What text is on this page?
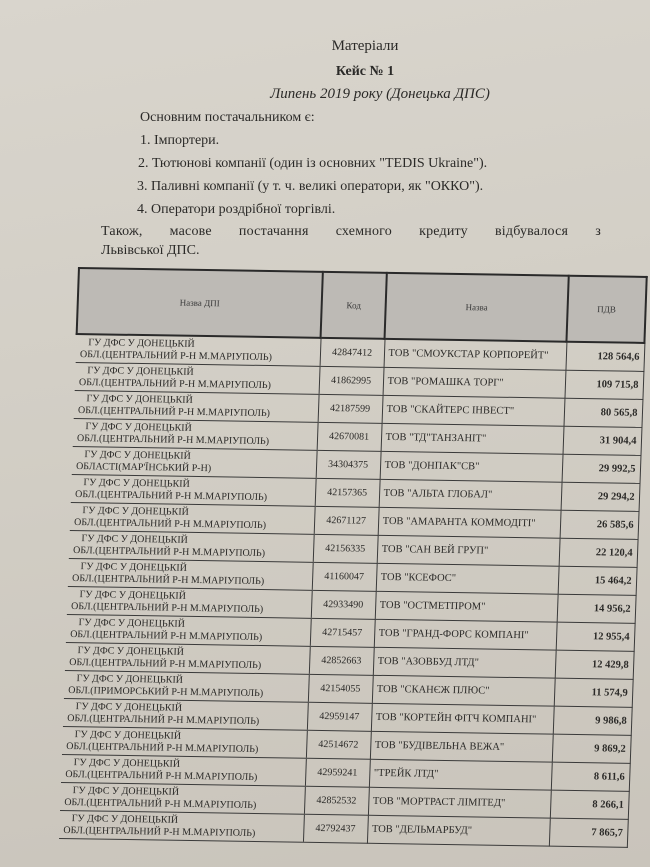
Матеріали
Кейс № 1
Липень 2019 року (Донецька ДПС)
Основним постачальником є:
1. Імпортери.
2. Тютюнові компанії (один із основних "TEDIS Ukraine").
3. Паливні компанії (у т. ч. великі оператори, як "ОККО").
4. Оператори роздрібної торгівлі.
Також, масове постачання схемного кредиту відбувалося з
Львівської ДПС.
Назва ДПІ	Код	Назва	ПДВ

ГУ ДФС У ДОНЕЦЬКІЙ
ОБЛ.(ЦЕНТРАЛЬНИЙ Р-Н М.МАРІУПОЛЬ)	42847412	ТОВ "СМОУКСТАР КОРПОРЕЙТ"	128 564,6

ГУ ДФС У ДОНЕЦЬКІЙ
ОБЛ.(ЦЕНТРАЛЬНИЙ Р-Н М.МАРІУПОЛЬ)	41862995	ТОВ "РОМАШКА ТОРГ"	109 715,8

ГУ ДФС У ДОНЕЦЬКІЙ
ОБЛ.(ЦЕНТРАЛЬНИЙ Р-Н М.МАРІУПОЛЬ)	42187599	ТОВ "СКАЙТЕРС ІНВЕСТ"	80 565,8

ГУ ДФС У ДОНЕЦЬКІЙ
ОБЛ.(ЦЕНТРАЛЬНИЙ Р-Н М.МАРІУПОЛЬ)	42670081	ТОВ "ТД"ТАНЗАНІТ"	31 904,4

ГУ ДФС У ДОНЕЦЬКІЙ
ОБЛАСТІ(МАР'ЇНСЬКИЙ Р-Н)	34304375	ТОВ "ДОНПАК"СВ"	29 992,5

ГУ ДФС У ДОНЕЦЬКІЙ
ОБЛ.(ЦЕНТРАЛЬНИЙ Р-Н М.МАРІУПОЛЬ)	42157365	ТОВ "АЛЬТА ГЛОБАЛ"	29 294,2

ГУ ДФС У ДОНЕЦЬКІЙ
ОБЛ.(ЦЕНТРАЛЬНИЙ Р-Н М.МАРІУПОЛЬ)	42671127	ТОВ "АМАРАНТА КОММОДІТІ"	26 585,6

ГУ ДФС У ДОНЕЦЬКІЙ
ОБЛ.(ЦЕНТРАЛЬНИЙ Р-Н М.МАРІУПОЛЬ)	42156335	ТОВ "САН ВЕЙ ГРУП"	22 120,4

ГУ ДФС У ДОНЕЦЬКІЙ
ОБЛ.(ЦЕНТРАЛЬНИЙ Р-Н М.МАРІУПОЛЬ)	41160047	ТОВ "КСЕФОС"	15 464,2

ГУ ДФС У ДОНЕЦЬКІЙ
ОБЛ.(ЦЕНТРАЛЬНИЙ Р-Н М.МАРІУПОЛЬ)	42933490	ТОВ "ОСТМЕТПРОМ"	14 956,2

ГУ ДФС У ДОНЕЦЬКІЙ
ОБЛ.(ЦЕНТРАЛЬНИЙ Р-Н М.МАРІУПОЛЬ)	42715457	ТОВ "ГРАНД-ФОРС КОМПАНІ"	12 955,4

ГУ ДФС У ДОНЕЦЬКІЙ
ОБЛ.(ЦЕНТРАЛЬНИЙ Р-Н М.МАРІУПОЛЬ)	42852663	ТОВ "АЗОВБУД ЛТД"	12 429,8

ГУ ДФС У ДОНЕЦЬКІЙ
ОБЛ.(ПРИМОРСЬКИЙ Р-Н М.МАРІУПОЛЬ)	42154055	ТОВ "СКАНЄЖ ПЛЮС"	11 574,9

ГУ ДФС У ДОНЕЦЬКІЙ
ОБЛ.(ЦЕНТРАЛЬНИЙ Р-Н М.МАРІУПОЛЬ)	42959147	ТОВ "КОРТЕЙН ФІТЧ КОМПАНІ"	9 986,8

ГУ ДФС У ДОНЕЦЬКІЙ
ОБЛ.(ЦЕНТРАЛЬНИЙ Р-Н М.МАРІУПОЛЬ)	42514672	ТОВ "БУДІВЕЛЬНА ВЕЖА"	9 869,2

ГУ ДФС У ДОНЕЦЬКІЙ
ОБЛ.(ЦЕНТРАЛЬНИЙ Р-Н М.МАРІУПОЛЬ)	42959241	"ТРЕЙК ЛТД"	8 611,6

ГУ ДФС У ДОНЕЦЬКІЙ
ОБЛ.(ЦЕНТРАЛЬНИЙ Р-Н М.МАРІУПОЛЬ)	42852532	ТОВ "МОРТРАСТ ЛІМІТЕД"	8 266,1

ГУ ДФС У ДОНЕЦЬКІЙ
ОБЛ.(ЦЕНТРАЛЬНИЙ Р-Н М.МАРІУПОЛЬ)	42792437	ТОВ "ДЕЛЬМАРБУД"	7 865,7
